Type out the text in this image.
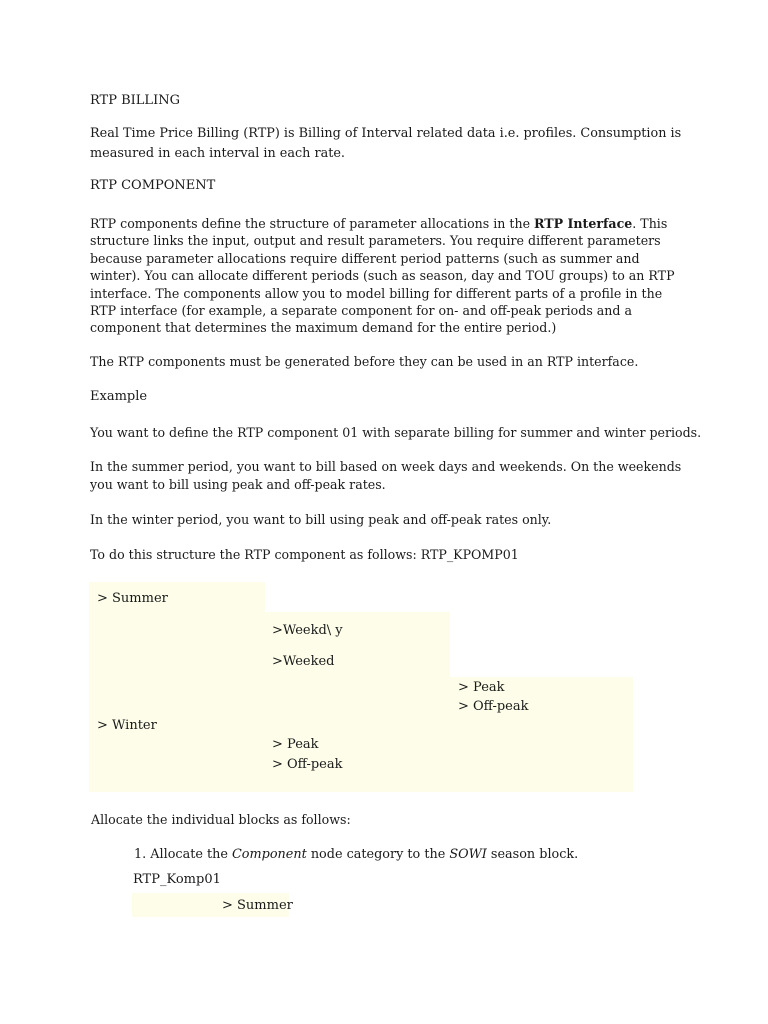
RTP BILLING
Real Time Price Billing (RTP) is Billing of Interval related data i.e. profiles. Consumption is
measured in each interval in each rate.
RTP COMPONENT
RTP components define the structure of parameter allocations in the RTP Interface. This structure links the input, output and result parameters. You require different parameters because parameter allocations require different period patterns (such as summer and winter). You can allocate different periods (such as season, day and TOU groups) to an RTP interface. The components allow you to model billing for different parts of a profile in the RTP interface (for example, a separate component for on- and off-peak periods and a component that determines the maximum demand for the entire period.)
The RTP components must be generated before they can be used in an RTP interface.
Example
You want to define the RTP component 01 with separate billing for summer and winter periods.
In the summer period, you want to bill based on week days and weekends. On the weekends
you want to bill using peak and off-peak rates.
In the winter period, you want to bill using peak and off-peak rates only.
To do this structure the RTP component as follows: RTP_KPOMP01
> Summer
>Weekd\ y
>Weeked
> Peak
> Off-peak
> Winter
> Peak
> Off-peak
Allocate the individual blocks as follows:
1. Allocate the Component node category to the SOWI season block.
RTP_Komp01
> Summer
